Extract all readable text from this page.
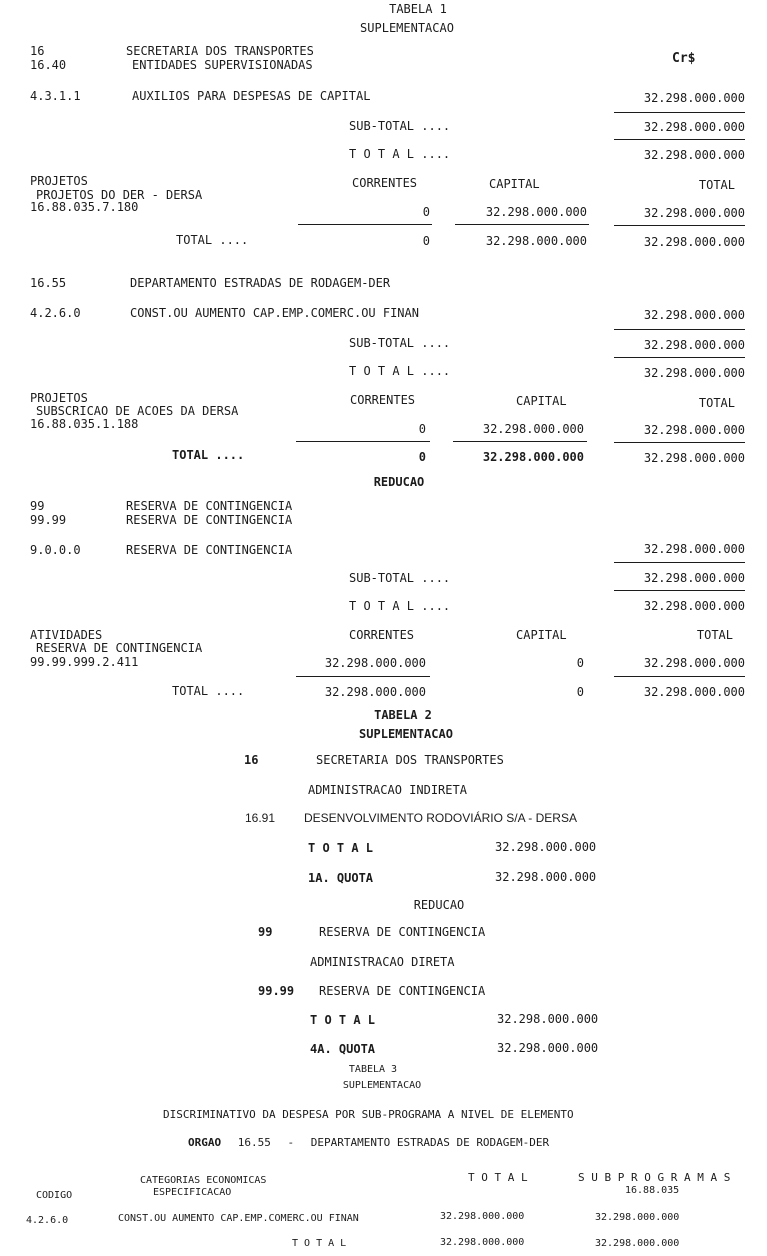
TABELA 1
SUPLEMENTACAO
16	SECRETARIA DOS TRANSPORTES
16.40	ENTIDADES SUPERVISIONADAS	Cr$
4.3.1.1	AUXILIOS PARA DESPESAS DE CAPITAL	32.298.000.000
SUB-TOTAL ....	32.298.000.000
T O T A L ....	32.298.000.000
PROJETOS	CORRENTES	CAPITAL	TOTAL
PROJETOS DO DER - DERSA
16.88.035.7.180	0	32.298.000.000	32.298.000.000
TOTAL ....	0	32.298.000.000	32.298.000.000
16.55	DEPARTAMENTO ESTRADAS DE RODAGEM-DER
4.2.6.0	CONST.OU AUMENTO CAP.EMP.COMERC.OU FINAN	32.298.000.000
SUB-TOTAL ....	32.298.000.000
T O T A L ....	32.298.000.000
PROJETOS	CORRENTES	CAPITAL	TOTAL
SUBSCRICAO DE ACOES DA DERSA
16.88.035.1.188	0	32.298.000.000	32.298.000.000
TOTAL ....	0	32.298.000.000	32.298.000.000
REDUCAO
99	RESERVA DE CONTINGENCIA
99.99	RESERVA DE CONTINGENCIA
9.0.0.0	RESERVA DE CONTINGENCIA	32.298.000.000
SUB-TOTAL ....	32.298.000.000
T O T A L ....	32.298.000.000
ATIVIDADES	CORRENTES	CAPITAL	TOTAL
RESERVA DE CONTINGENCIA
99.99.999.2.411	32.298.000.000	0	32.298.000.000
TOTAL ....	32.298.000.000	0	32.298.000.000
TABELA 2
SUPLEMENTACAO
16	SECRETARIA DOS TRANSPORTES
ADMINISTRACAO INDIRETA
16.91 DESENVOLVIMENTO RODOVIÁRIO S/A - DERSA
T O T A L	32.298.000.000
1A. QUOTA	32.298.000.000
REDUCAO
99	RESERVA DE CONTINGENCIA
ADMINISTRACAO DIRETA
99.99 RESERVA DE CONTINGENCIA
T O T A L	32.298.000.000
4A. QUOTA	32.298.000.000
TABELA 3
SUPLEMENTACAO
DISCRIMINATIVO DA DESPESA POR SUB-PROGRAMA A NIVEL DE ELEMENTO
ORGAO 16.55 - DEPARTAMENTO ESTRADAS DE RODAGEM-DER
CATEGORIAS ECONOMICAS
ESPECIFICACAO
CODIGO
T O T A L	S U B P R O G R A M A S
16.88.035
4.2.6.0	CONST.OU AUMENTO CAP.EMP.COMERC.OU FINAN	32.298.000.000	32.298.000.000
T O T A L	32.298.000.000	32.298.000.000
